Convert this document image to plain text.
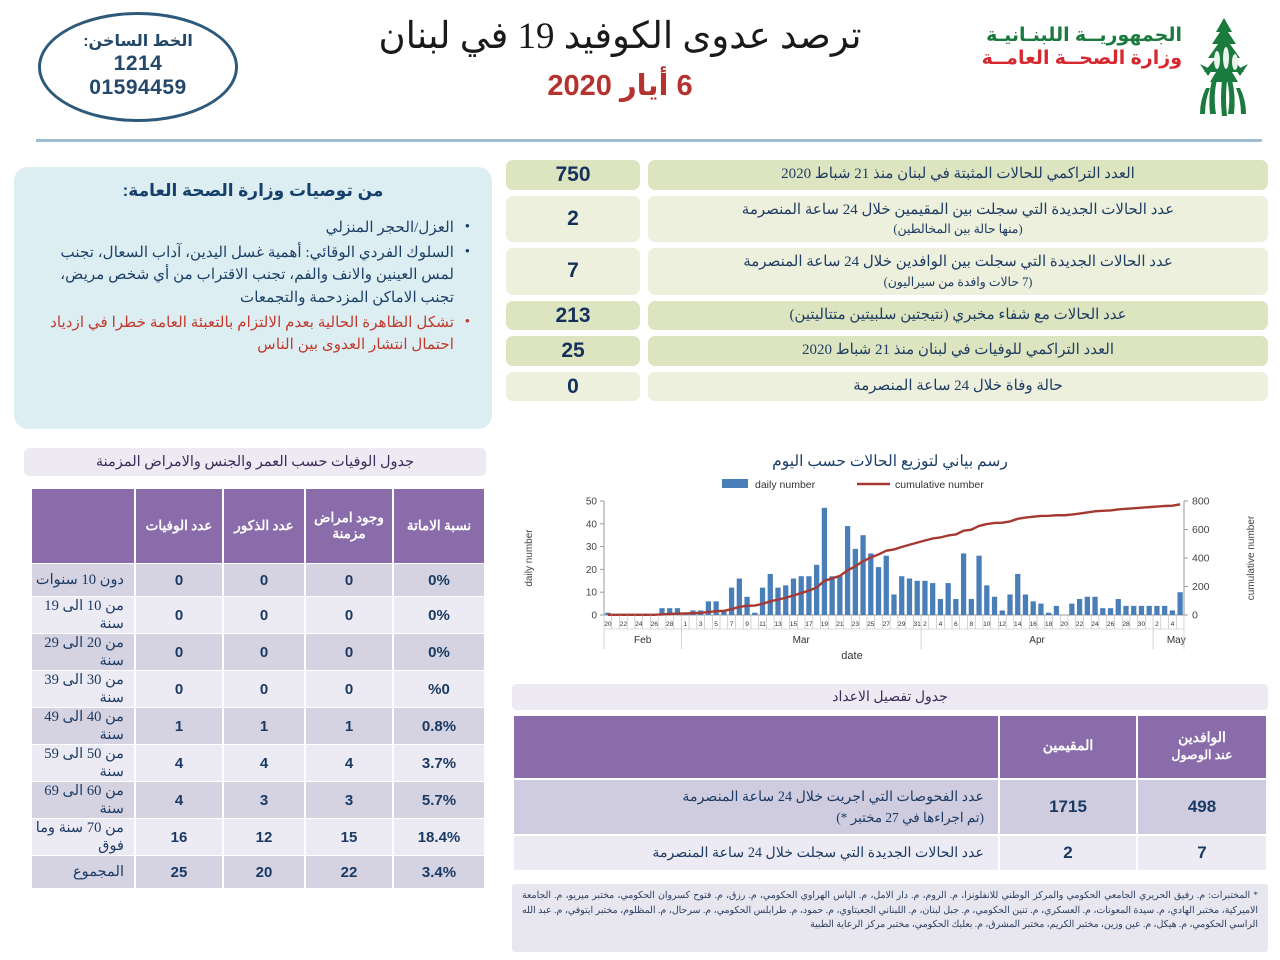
الخط الساخن:
1214
01594459
ترصد عدوى الكوفيد 19 في لبنان
6 أيار 2020
الجمهوريــة اللبنـانيـة
وزارة الصحــة العامــة
من توصيات وزارة الصحة العامة:
• العزل/الحجر المنزلي
• السلوك الفردي الوقائي: أهمية غسل اليدين، آداب السعال، تجنب لمس العينين والانف والفم، تجنب الاقتراب من أي شخص مريض، تجنب الاماكن المزدحمة والتجمعات
• تشكل الظاهرة الحالية بعدم الالتزام بالتعبئة العامة خطرا في ازدياد احتمال انتشار العدوى بين الناس
جدول الوفيات حسب العمر والجنس والامراض المزمنة
نسبة الاماتة	وجود امراض مزمنة	عدد الذكور	عدد الوفيات	
0%	0	0	0	دون 10 سنوات
0%	0	0	0	من 10 الى 19 سنة
0%	0	0	0	من 20 الى 29 سنة
%0	0	0	0	من 30 الى 39 سنة
0.8%	1	1	1	من 40 الى 49 سنة
3.7%	4	4	4	من 50 الى 59 سنة
5.7%	3	3	4	من 60 الى 69 سنة
18.4%	15	12	16	من 70 سنة وما فوق
3.4%	22	20	25	المجموع
العدد التراكمي للحالات المثبتة في لبنان منذ 21 شباط 2020
750
عدد الحالات الجديدة التي سجلت بين المقيمين خلال 24 ساعة المنصرمة
(منها حالة بين المخالطين)
2
عدد الحالات الجديدة التي سجلت بين الوافدين خلال 24 ساعة المنصرمة
(7 حالات وافدة من سيراليون)
7
عدد الحالات مع شفاء مخبري (نتيجتين سلبيتين متتاليتين)
213
العدد التراكمي للوفيات في لبنان منذ 21 شباط 2020
25
حالة وفاة خلال 24 ساعة المنصرمة
0
رسم بياني لتوزيع الحالات حسب اليوم
daily number	cumulative number
0
10
20
30
40
50
0
200
400
600
800
daily number	cumulative number
20 22 24 26 28 1 3 5 7 9 11 13 15 17 19 21 23 25 27 29 31 2 4 6 8 10 12 14 16 18 20 22 24 26 28 30 2 4
Feb	Mar	Apr	May
date
جدول تفصيل الاعداد
الوافدين
عند الوصول	المقيمين	
498	1715	عدد الفحوصات التي اجريت خلال 24 ساعة المنصرمة
(تم اجراءها في 27 مختبر *)

7	2	عدد الحالات الجديدة التي سجلت خلال 24 ساعة المنصرمة
* المختبرات: م. رفيق الحريري الجامعي الحكومي والمركز الوطني للانفلونزا، م. الروم، م. دار الامل، م. الياس الهراوي الحكومي، م. رزق، م. فتوح كسروان الحكومي، مختبر ميريو، م. الجامعة الاميركية، مختبر الهادي، م. سيدة المعونات، م. العسكري، م. تنين الحكومي، م. جبل لبنان، م. اللبناني الجعيتاوي، م. حمود، م. طرابلس الحكومي، م. سرحال، م. المظلوم، مختبر ايتوفي، م. عبد الله الراسي الحكومي، م. هيكل، م. عين وزين، مختبر الكريم، مختبر المشرق، م. بعلبك الحكومي، مختبر مركز الرعاية الطبية
